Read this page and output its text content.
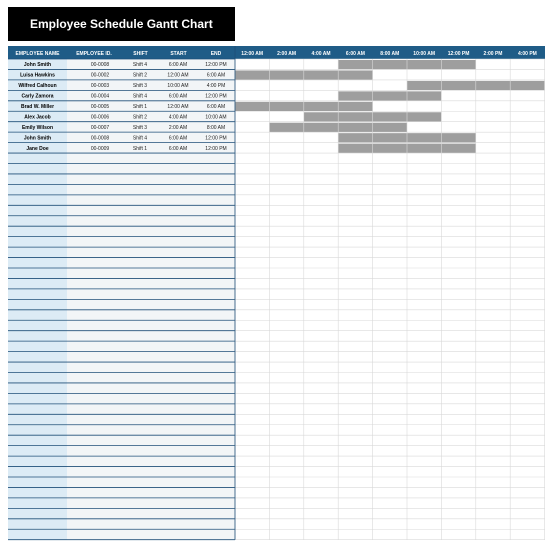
Employee Schedule Gantt Chart
EMPLOYEE NAME	EMPLOYEE ID.	SHIFT	START	END	12:00 AM	2:00 AM	4:00 AM	6:00 AM	8:00 AM	10:00 AM	12:00 PM	2:00 PM	4:00 PM
John Smith	00-0008	Shift 4	6:00 AM	12:00 PM
Luisa Hawkins	00-0002	Shift 2	12:00 AM	6:00 AM
Wilfred Calhoun	00-0003	Shift 3	10:00 AM	4:00 PM
Carly Zamora	00-0004	Shift 4	6:00 AM	12:00 PM
Brad W. Miller	00-0005	Shift 1	12:00 AM	6:00 AM
Alex Jacob	00-0006	Shift 2	4:00 AM	10:00 AM
Emily Wilson	00-0007	Shift 3	2:00 AM	8:00 AM
John Smith	00-0008	Shift 4	6:00 AM	12:00 PM
Jane Doe	00-0009	Shift 1	6:00 AM	12:00 PM
